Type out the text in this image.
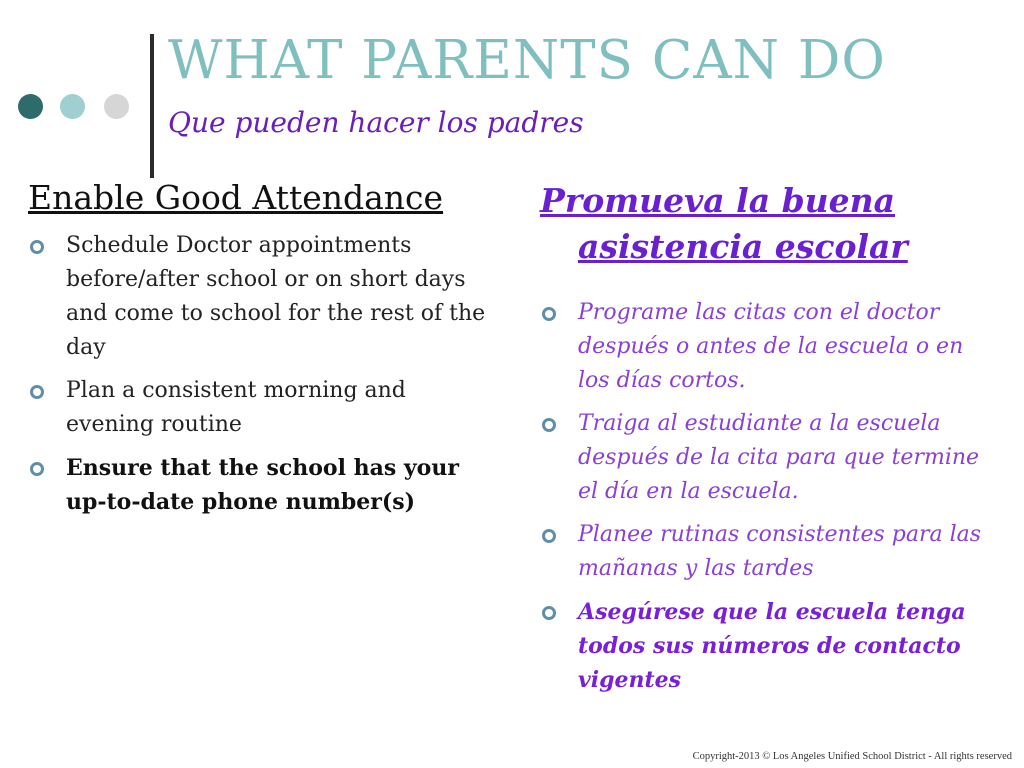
WHAT PARENTS CAN DO
Que pueden hacer los padres
Enable Good Attendance
Schedule Doctor appointments before/after school or on short days and come to school for the rest of the day
Plan a consistent morning and evening routine
Ensure that the school has your up-to-date phone number(s)
Promueva la buena
asistencia escolar
Programe las citas con el doctor después o antes de la escuela o en los días cortos.
Traiga al estudiante a la escuela después de la cita para que termine el día en la escuela.
Planee rutinas consistentes para las mañanas y las tardes
Asegúrese que la escuela tenga todos sus números de contacto vigentes
Copyright-2013 © Los Angeles Unified School District - All rights reserved
